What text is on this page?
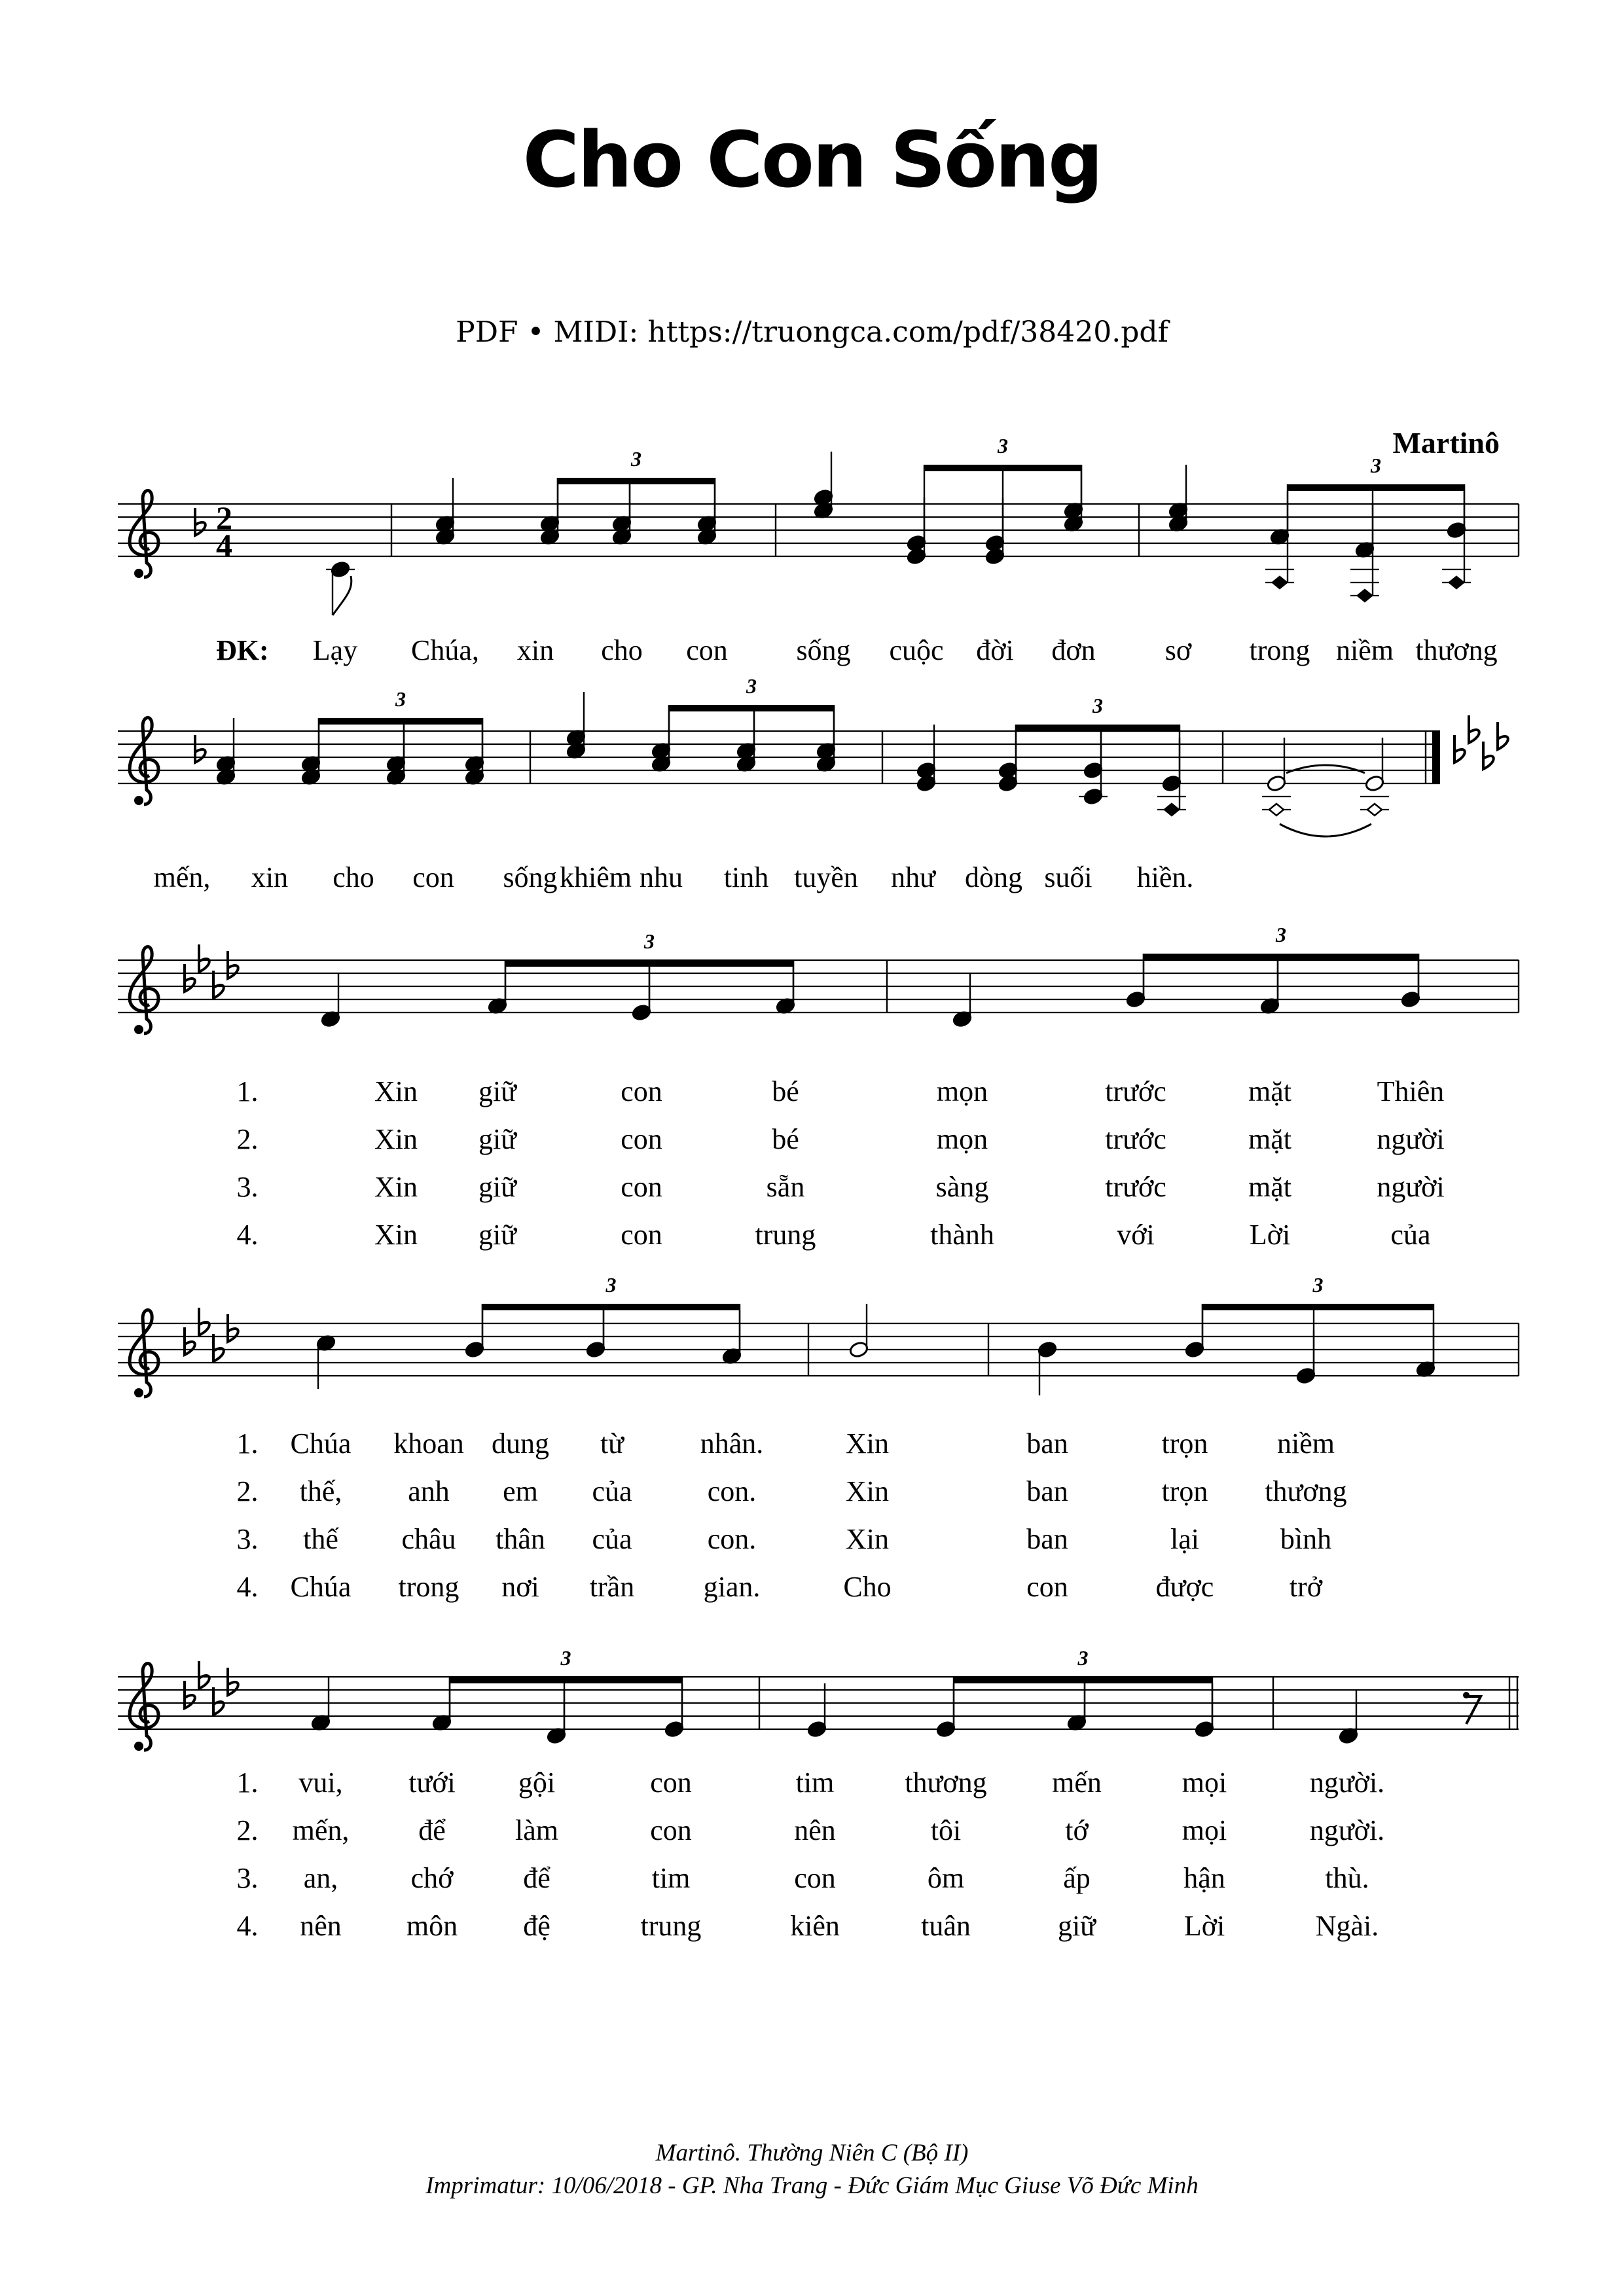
Cho Con Sống
PDF • MIDI: https://truongca.com/pdf/38420.pdf
Martinô
2
4
3
3
3
ĐK: Lạy Chúa, xin cho con sống cuộc đời đơn sơ trong niềm thương
3
3
3
mến, xin cho con sống khiêm nhu tinh tuyền như dòng suối hiền.
3	3
1.	Xin giữ	con	bé	mọn	trước	mặt	Thiên
2.	Xin giữ	con	bé	mọn	trước	mặt	người
3.	Xin giữ	con	sẵn	sàng	trước	mặt	người
4.	Xin giữ	con	trung	thành	với	Lời	của
3	3
1. Chúa khoan dung từ	nhân.	Xin	ban	trọn niềm
2. thế, anh em của	con.	Xin	ban	trọn thương
3. thế châu thân của	con.	Xin	ban	lại	bình
4. Chúa trong nơi trần gian.	Cho	con	được	trở
3	3
1. vui, tưới gội	con	tim thương mến	mọi	người.
2. mến, để làm	con	nên	tôi	tớ	mọi	người.
3. an,	chớ để	tim	con	ôm	ấp	hận	thù.
4. nên môn đệ	trung	kiên	tuân	giữ	Lời	Ngài.
Martinô. Thường Niên C (Bộ II)
Imprimatur: 10/06/2018 - GP. Nha Trang - Đức Giám Mục Giuse Võ Đức Minh
